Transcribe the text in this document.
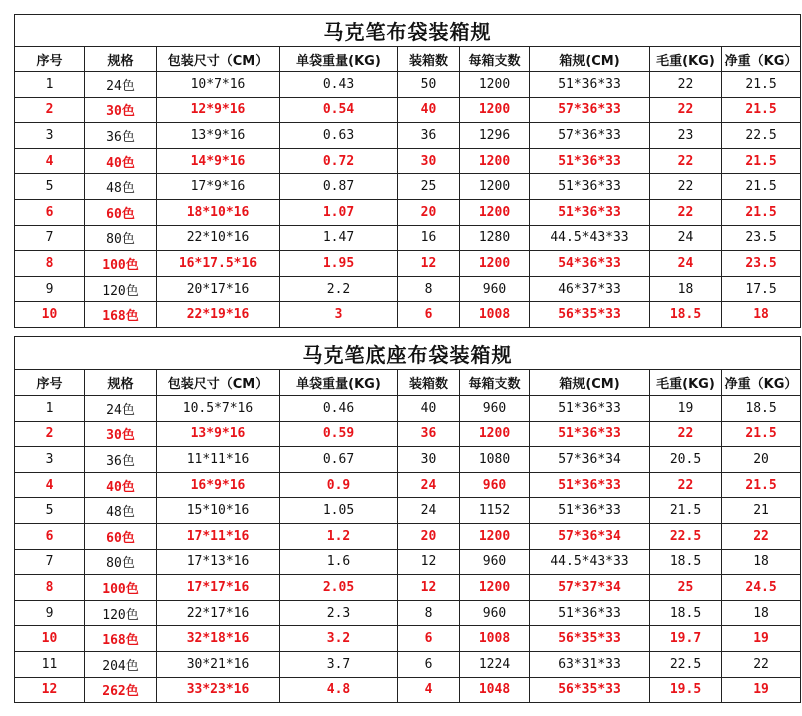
马克笔布袋装箱规								
序号	规格	包装尺寸（CM）	单袋重量(KG)	装箱数	每箱支数	箱规(CM)	毛重(KG)	净重（KG）
1	24色	10*7*16	0.43	50	1200	51*36*33	22	21.5
2	30色	12*9*16	0.54	40	1200	57*36*33	22	21.5
3	36色	13*9*16	0.63	36	1296	57*36*33	23	22.5
4	40色	14*9*16	0.72	30	1200	51*36*33	22	21.5
5	48色	17*9*16	0.87	25	1200	51*36*33	22	21.5
6	60色	18*10*16	1.07	20	1200	51*36*33	22	21.5
7	80色	22*10*16	1.47	16	1280	44.5*43*33	24	23.5
8	100色	16*17.5*16	1.95	12	1200	54*36*33	24	23.5
9	120色	20*17*16	2.2	8	960	46*37*33	18	17.5
10	168色	22*19*16	3	6	1008	56*35*33	18.5	18
马克笔底座布袋装箱规								
序号	规格	包装尺寸（CM）	单袋重量(KG)	装箱数	每箱支数	箱规(CM)	毛重(KG)	净重（KG）
1	24色	10.5*7*16	0.46	40	960	51*36*33	19	18.5
2	30色	13*9*16	0.59	36	1200	51*36*33	22	21.5
3	36色	11*11*16	0.67	30	1080	57*36*34	20.5	20
4	40色	16*9*16	0.9	24	960	51*36*33	22	21.5
5	48色	15*10*16	1.05	24	1152	51*36*33	21.5	21
6	60色	17*11*16	1.2	20	1200	57*36*34	22.5	22
7	80色	17*13*16	1.6	12	960	44.5*43*33	18.5	18
8	100色	17*17*16	2.05	12	1200	57*37*34	25	24.5
9	120色	22*17*16	2.3	8	960	51*36*33	18.5	18
10	168色	32*18*16	3.2	6	1008	56*35*33	19.7	19
11	204色	30*21*16	3.7	6	1224	63*31*33	22.5	22
12	262色	33*23*16	4.8	4	1048	56*35*33	19.5	19
